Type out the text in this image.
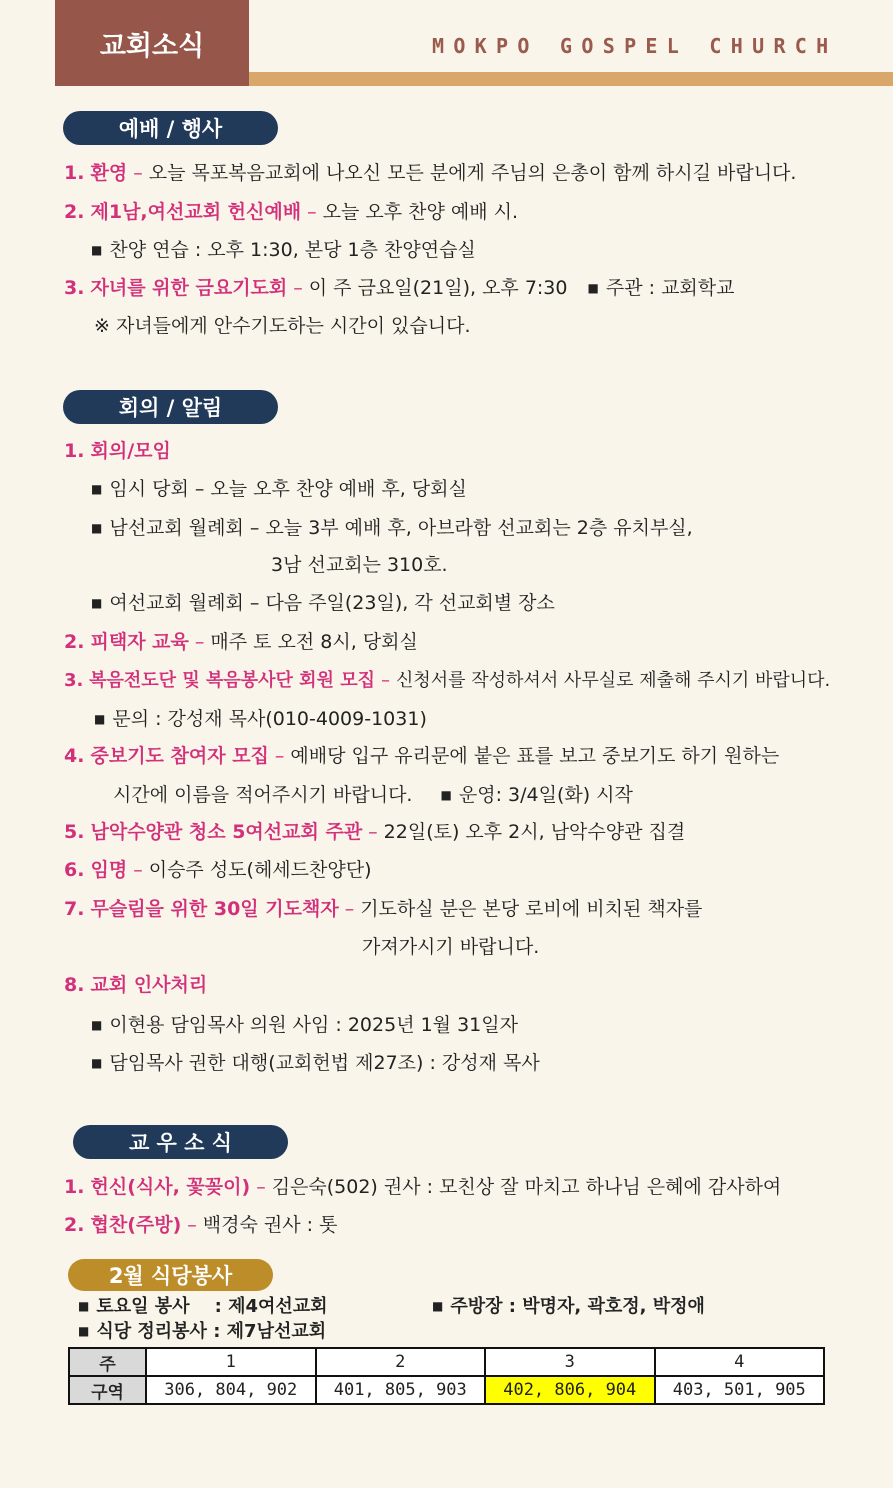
교회소식	MOKPO GOSPEL CHURCH
예배 / 행사
1. 환영 – 오늘 목포복음교회에 나오신 모든 분에게 주님의 은총이 함께 하시길 바랍니다.
2. 제1남,여선교회 헌신예배 – 오늘 오후 찬양 예배 시.
■ 찬양 연습 : 오후 1:30, 본당 1층 찬양연습실
3. 자녀를 위한 금요기도회 – 이 주 금요일(21일), 오후 7:30 ■ 주관 : 교회학교
※ 자녀들에게 안수기도하는 시간이 있습니다.
회의 / 알림
1. 회의/모임
■ 임시 당회 – 오늘 오후 찬양 예배 후, 당회실
■ 남선교회 월례회 – 오늘 3부 예배 후, 아브라함 선교회는 2층 유치부실,
3남 선교회는 310호.
■ 여선교회 월례회 – 다음 주일(23일), 각 선교회별 장소
2. 피택자 교육 – 매주 토 오전 8시, 당회실
3. 복음전도단 및 복음봉사단 회원 모집 – 신청서를 작성하셔서 사무실로 제출해 주시기 바랍니다.
■ 문의 : 강성재 목사(010-4009-1031)
4. 중보기도 참여자 모집 – 예배당 입구 유리문에 붙은 표를 보고 중보기도 하기 원하는
시간에 이름을 적어주시기 바랍니다. ■ 운영: 3/4일(화) 시작
5. 남악수양관 청소 5여선교회 주관 – 22일(토) 오후 2시, 남악수양관 집결
6. 임명 – 이승주 성도(헤세드찬양단)
7. 무슬림을 위한 30일 기도책자 – 기도하실 분은 본당 로비에 비치된 책자를
가져가시기 바랍니다.
8. 교회 인사처리
■ 이현용 담임목사 의원 사임 : 2025년 1월 31일자
■ 담임목사 권한 대행(교회헌법 제27조) : 강성재 목사
교 우 소 식
1. 헌신(식사, 꽃꽂이) – 김은숙(502) 권사 : 모친상 잘 마치고 하나님 은혜에 감사하여
2. 협찬(주방) – 백경숙 권사 : 톳
2월 식당봉사
■ 토요일 봉사    : 제4여선교회	■ 주방장 : 박명자, 곽호정, 박정애
■ 식당 정리봉사 : 제7남선교회
주	1	2	3	4
구역	306, 804, 902	401, 805, 903	402, 806, 904	403, 501, 905
